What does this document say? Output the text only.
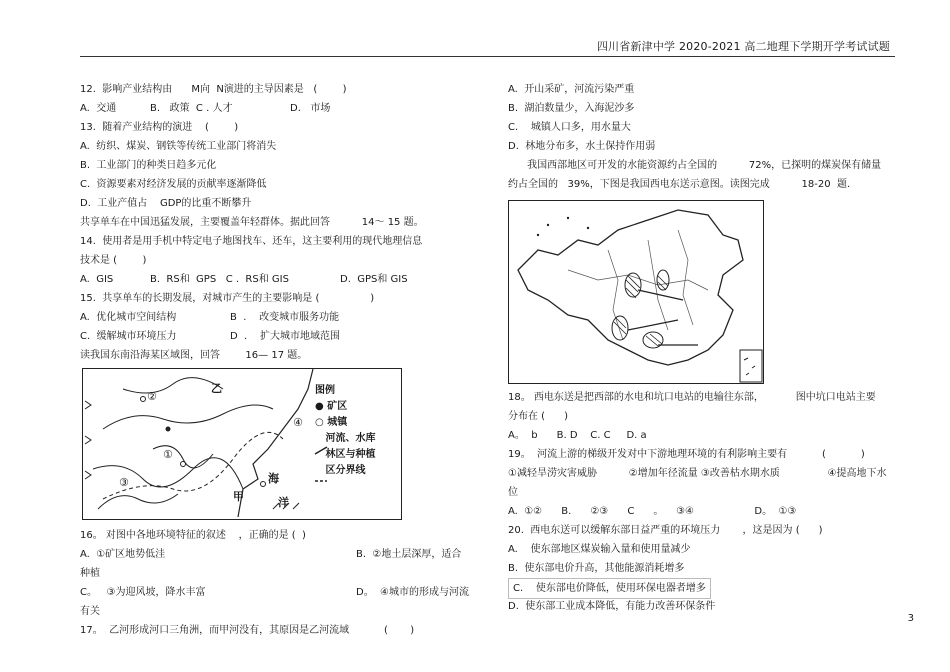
四川省新津中学 2020-2021 高二地理下学期开学考试试题
12.  影响产业结构由      M向  N演进的主导因素是   (        )
A.  交通	B.   政策  C . 人才	D.   市场
13.  随着产业结构的演进    (        )
A.  纺织、煤炭、钢铁等传统工业部门将消失
B.  工业部门的种类日趋多元化
C.  资源要素对经济发展的贡献率逐渐降低
D.  工业产值占    GDP的比重不断攀升
共享单车在中国迅猛发展，主要覆盖年轻群体。据此回答          14～ 15 题。
14.  使用者是用手机中特定电子地图找车、还车，这主要利用的现代地理信息
技术是 (        )
A.  GIS	B.  RS和  GPS   C .  RS和 GIS	D.  GPS和 GIS
15.  共享单车的长期发展，对城市产生的主要影响是 (                )
A.  优化城市空间结构	B  .    改变城市服务功能
C.  缓解城市环境压力	D  .    扩大城市地域范围
读我国东南沿海某区域图，回答        16— 17 题。
图例
● 矿区
○ 城镇
河流、水库
林区与种植
区分界线
乙
甲
海
洋
①
②
③
④
16。 对图中各地环境特征的叙述    ，正确的是 (  )
A.  ①矿区地势低洼	B.  ②地土层深厚，适合
种植
C。   ③为迎风坡，降水丰富	D。  ④城市的形成与河流
有关
17。  乙河形成河口三角洲，而甲河没有，其原因是乙河流域           (       )
A.  开山采矿，河流污染严重
B.  湖泊数量少，入海泥沙多
C.    城镇人口多，用水量大
D.  林地分布多，水土保持作用弱
我国西部地区可开发的水能资源约占全国的          72%，已探明的煤炭保有储量
约占全国的   39%，下图是我国西电东送示意图。读图完成          18-20  题.
18。 西电东送是把西部的水电和坑口电站的电输往东部，          图中坑口电站主要
分布在 (      )
A。  b      B. D    C. C     D. a
19。  河流上游的梯级开发对中下游地理环境的有利影响主要有           (           )
①减轻旱涝灾害威胁          ②增加年径流量 ③改善枯水期水质               ④提高地下水
位
A.  ①②      B.      ②③      C      。    ③④                   D。  ①③
20.  西电东送可以缓解东部日益严重的环境压力       ，这是因为 (      )
A.    使东部地区煤炭输入量和使用量减少
B.  使东部电价升高，其他能源消耗增多
C.    使东部电价降低，使用环保电器者增多
D.  使东部工业成本降低，有能力改善环保条件
3
